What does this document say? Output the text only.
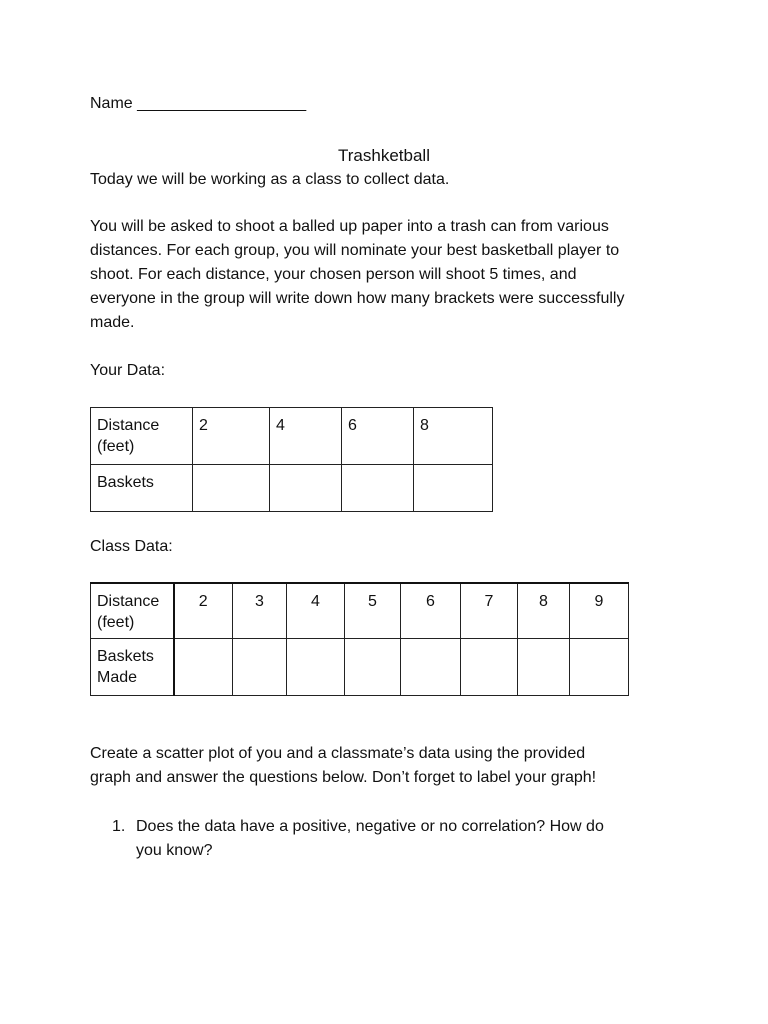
Name ___________________
Trashketball
Today we will be working as a class to collect data.
You will be asked to shoot a balled up paper into a trash can from various
distances. For each group, you will nominate your best basketball player to
shoot. For each distance, your chosen person will shoot 5 times, and
everyone in the group will write down how many brackets were successfully
made.
Your Data:
Distance
(feet)	2	4	6	8

Baskets				

Class Data:
Distance
(feet)	2	3	4	5	6	7	8	9

Baskets
Made								

Create a scatter plot of you and a classmate’s data using the provided
graph and answer the questions below. Don’t forget to label your graph!
1. Does the data have a positive, negative or no correlation? How do
you know?
